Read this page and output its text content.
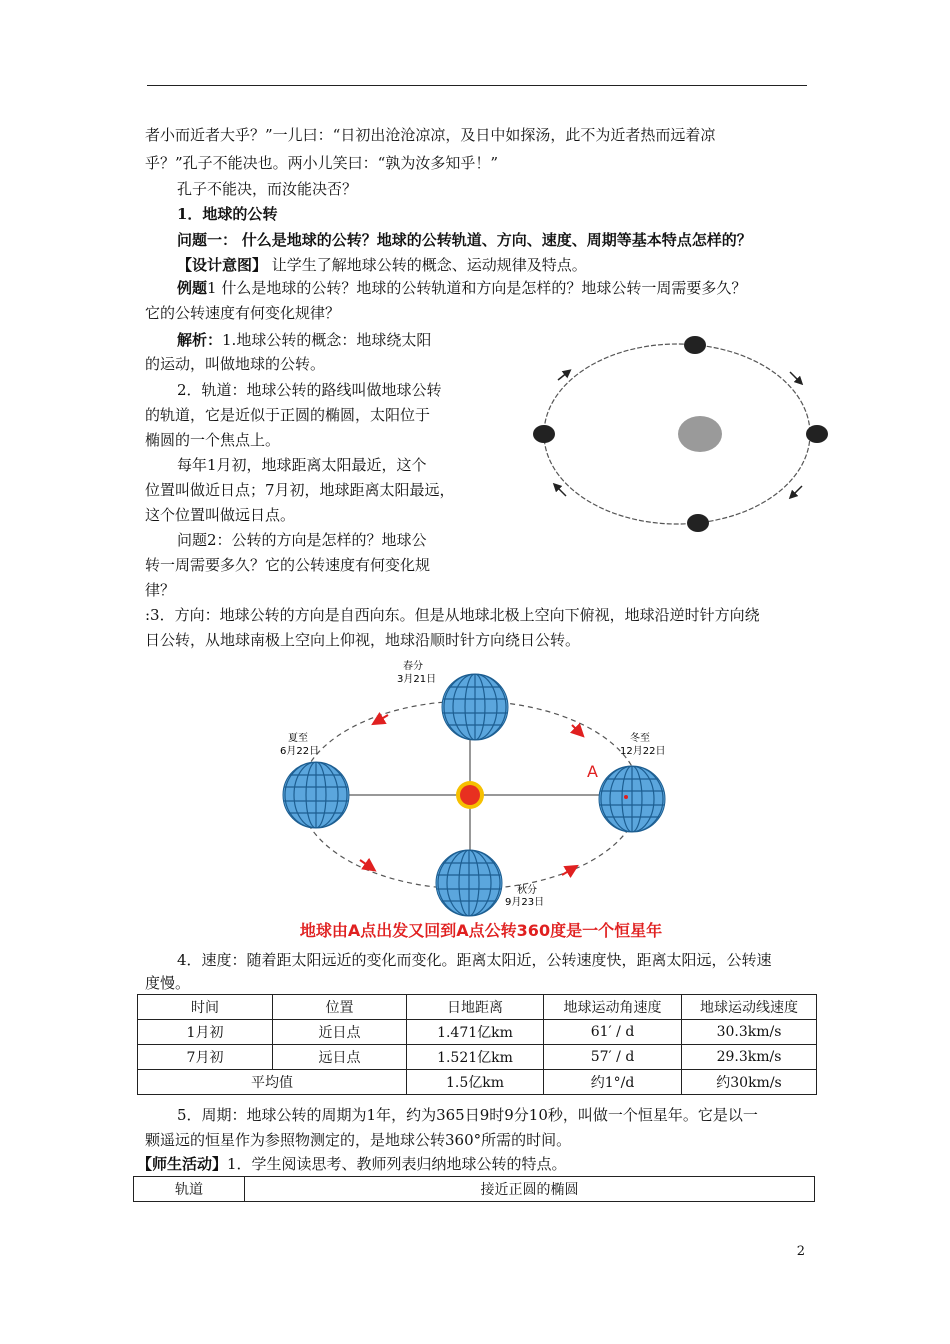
者小而近者大乎？”一儿曰：“日初出沧沧凉凉，及日中如探汤，此不为近者热而远着凉
乎？”孔子不能决也。两小儿笑曰：“孰为汝多知乎！”
孔子不能决，而汝能决否？
1．地球的公转
问题一： 什么是地球的公转？地球的公转轨道、方向、速度、周期等基本特点怎样的？
【设计意图】 让学生了解地球公转的概念、运动规律及特点。
例题1 什么是地球的公转？地球的公转轨道和方向是怎样的？地球公转一周需要多久？
它的公转速度有何变化规律？
解析：1.地球公转的概念：地球绕太阳
的运动，叫做地球的公转。
2．轨道：地球公转的路线叫做地球公转
的轨道，它是近似于正圆的椭圆，太阳位于
椭圆的一个焦点上。
每年1月初，地球距离太阳最近，这个
位置叫做近日点；7月初，地球距离太阳最远，
这个位置叫做远日点。
问题2：公转的方向是怎样的？地球公
转一周需要多久？它的公转速度有何变化规
律？
:3．方向：地球公转的方向是自西向东。但是从地球北极上空向下俯视，地球沿逆时针方向绕
日公转，从地球南极上空向上仰视，地球沿顺时针方向绕日公转。
春分
3月21日
夏至
6月22日
冬至
12月22日
秋分
9月23日
A
地球由A点出发又回到A点公转360度是一个恒星年
4．速度：随着距太阳远近的变化而变化。距离太阳近，公转速度快，距离太阳远，公转速
度慢。
时间	位置	日地距离	地球运动角速度	地球运动线速度
1月初	近日点	1.471亿km	61′ / d	30.3km/s
7月初	远日点	1.521亿km	57′ / d	29.3km/s
平均值		1.5亿km	约1°/d	约30km/s
5．周期：地球公转的周期为1年，约为365日9时9分10秒，叫做一个恒星年。它是以一
颗遥远的恒星作为参照物测定的，是地球公转360°所需的时间。
【师生活动】1．学生阅读思考、教师列表归纳地球公转的特点。
轨道	接近正圆的椭圆
2
